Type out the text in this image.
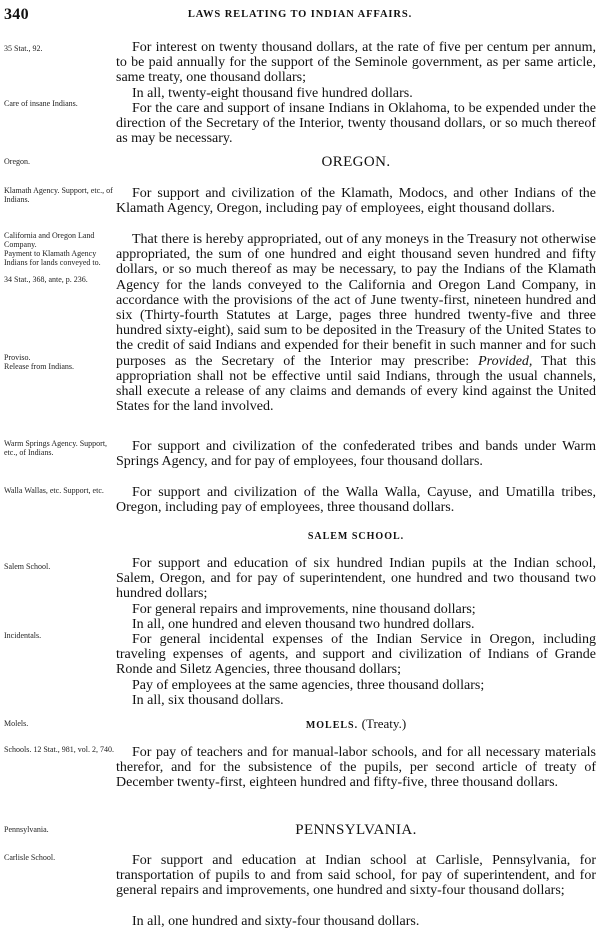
340	LAWS RELATING TO INDIAN AFFAIRS.
35 Stat., 92.
Care of insane Indians.
Oregon.
Klamath Agency. Support, etc., of Indians.
California and Oregon Land Company.
Payment to Klamath Agency Indians for lands conveyed to.
34 Stat., 368, ante, p. 236.
Proviso.
Release from Indians.
Warm Springs Agency. Support, etc., of Indians.
Walla Wallas, etc. Support, etc.
Salem School.
Incidentals.
Molels.
Schools. 12 Stat., 981, vol. 2, 740.
Pennsylvania.
Carlisle School.
For interest on twenty thousand dollars, at the rate of five per centum per annum, to be paid annually for the support of the Seminole government, as per same article, same treaty, one thousand dollars;
In all, twenty-eight thousand five hundred dollars.
For the care and support of insane Indians in Oklahoma, to be expended under the direction of the Secretary of the Interior, twenty thousand dollars, or so much thereof as may be necessary.
OREGON.
For support and civilization of the Klamath, Modocs, and other Indians of the Klamath Agency, Oregon, including pay of employees, eight thousand dollars.
That there is hereby appropriated, out of any moneys in the Treasury not otherwise appropriated, the sum of one hundred and eight thousand seven hundred and fifty dollars, or so much thereof as may be necessary, to pay the Indians of the Klamath Agency for the lands conveyed to the California and Oregon Land Company, in accordance with the provisions of the act of June twenty-first, nineteen hundred and six (Thirty-fourth Statutes at Large, pages three hundred twenty-five and three hundred sixty-eight), said sum to be deposited in the Treasury of the United States to the credit of said Indians and expended for their benefit in such manner and for such purposes as the Secretary of the Interior may prescribe: Provided, That this appropriation shall not be effective until said Indians, through the usual channels, shall execute a release of any claims and demands of every kind against the United States for the land involved.
For support and civilization of the confederated tribes and bands under Warm Springs Agency, and for pay of employees, four thousand dollars.
For support and civilization of the Walla Walla, Cayuse, and Umatilla tribes, Oregon, including pay of employees, three thousand dollars.
SALEM SCHOOL.
For support and education of six hundred Indian pupils at the Indian school, Salem, Oregon, and for pay of superintendent, one hundred and two thousand two hundred dollars;
For general repairs and improvements, nine thousand dollars;
In all, one hundred and eleven thousand two hundred dollars.
For general incidental expenses of the Indian Service in Oregon, including traveling expenses of agents, and support and civilization of Indians of Grande Ronde and Siletz Agencies, three thousand dollars;
Pay of employees at the same agencies, three thousand dollars;
In all, six thousand dollars.
MOLELS. (Treaty.)
For pay of teachers and for manual-labor schools, and for all necessary materials therefor, and for the subsistence of the pupils, per second article of treaty of December twenty-first, eighteen hundred and fifty-five, three thousand dollars.
PENNSYLVANIA.
For support and education at Indian school at Carlisle, Pennsylvania, for transportation of pupils to and from said school, for pay of superintendent, and for general repairs and improvements, one hundred and sixty-four thousand dollars;
In all, one hundred and sixty-four thousand dollars.
